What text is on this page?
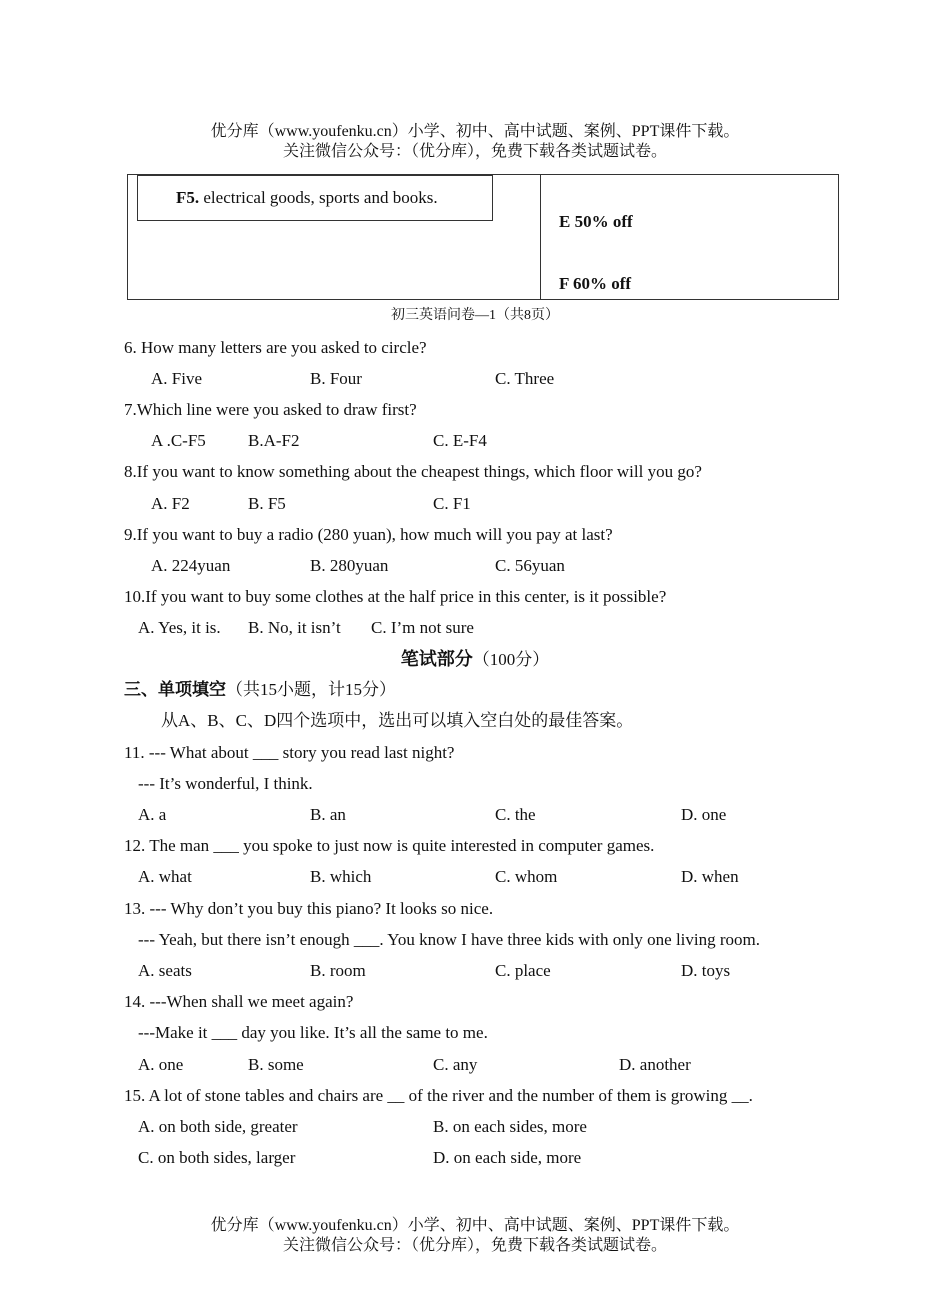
优分库（www.youfenku.cn）小学、初中、高中试题、案例、PPT课件下载。
关注微信公众号：（优分库），免费下载各类试题试卷。
F5. electrical goods, sports and books.
E 50% off
F 60% off
初三英语问卷—1（共8页）
6. How many letters are you asked to circle?
A. Five	B. Four	C. Three
7.Which line were you asked to draw first?
A .C-F5 B.A-F2	C. E-F4
8.If you want to know something about the cheapest things, which floor will you go?
A. F2	B. F5	C. F1
9.If you want to buy a radio (280 yuan), how much will you pay at last?
A. 224yuan	B. 280yuan	C. 56yuan
10.If you want to buy some clothes at the half price in this center, is it possible?
A. Yes, it is. B. No, it isn’t C. I’m not sure
笔试部分（100分）
三、单项填空（共15小题，计15分）
从A、B、C、D四个选项中，选出可以填入空白处的最佳答案。
11. --- What about ___ story you read last night?
--- It’s wonderful, I think.
A. a	B. an	C. the	D. one
12. The man ___ you spoke to just now is quite interested in computer games.
A. what	B. which	C. whom	D. when
13. --- Why don’t you buy this piano? It looks so nice.
--- Yeah, but there isn’t enough ___. You know I have three kids with only one living room.
A. seats	B. room	C. place	D. toys
14. ---When shall we meet again?
---Make it ___ day you like. It’s all the same to me.
A. one	B. some	C. any	D. another
15. A lot of stone tables and chairs are __ of the river and the number of them is growing __.
A. on both side, greater	B. on each sides, more
C. on both sides, larger	D. on each side, more
优分库（www.youfenku.cn）小学、初中、高中试题、案例、PPT课件下载。
关注微信公众号：（优分库），免费下载各类试题试卷。
